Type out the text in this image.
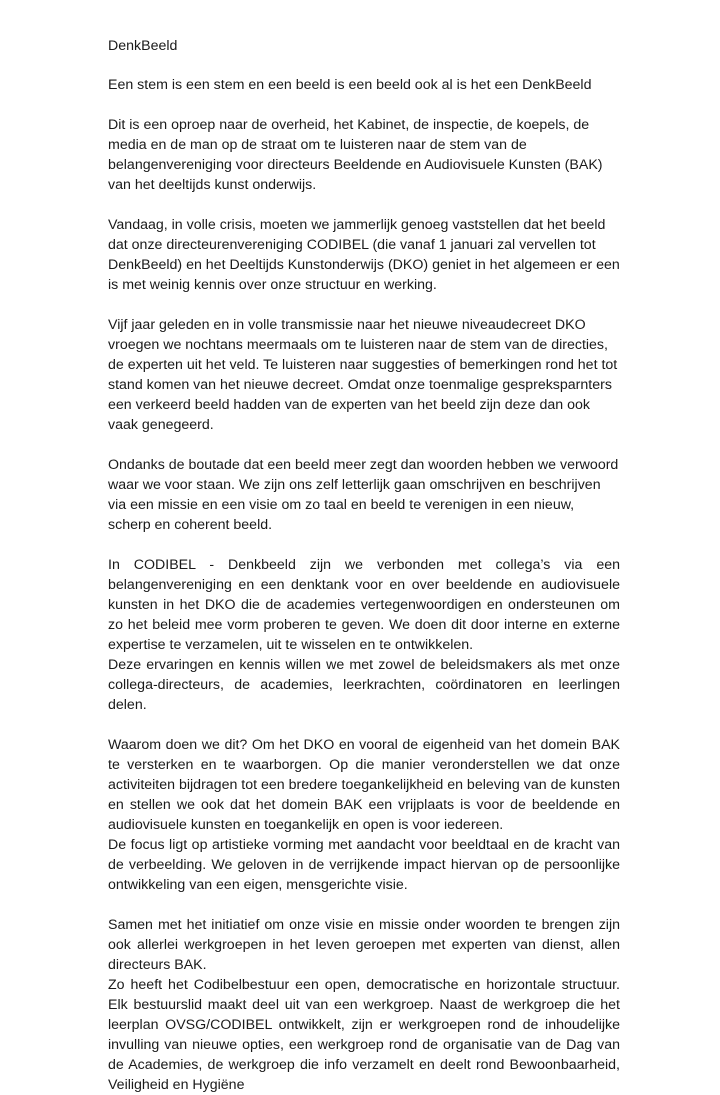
DenkBeeld
Een stem is een stem en een beeld is een beeld ook al is het een DenkBeeld

Dit is een oproep naar de overheid, het Kabinet, de inspectie, de koepels, de media en de man op de straat om te luisteren naar de stem van de belangenvereniging voor directeurs Beeldende en Audiovisuele Kunsten (BAK) van het deeltijds kunst onderwijs.

Vandaag, in volle crisis, moeten we jammerlijk genoeg vaststellen dat het beeld dat onze directeurenvereniging CODIBEL (die vanaf 1 januari zal vervellen tot DenkBeeld) en het Deeltijds Kunstonderwijs (DKO) geniet in het algemeen er een is met weinig kennis over onze structuur en werking.

Vijf jaar geleden en in volle transmissie naar het nieuwe niveaudecreet DKO vroegen we nochtans meermaals om te luisteren naar de stem van de directies, de experten uit het veld. Te luisteren naar suggesties of bemerkingen rond het tot stand komen van het nieuwe decreet. Omdat onze toenmalige gespreksparnters een verkeerd beeld hadden van de experten van het beeld zijn deze dan ook vaak genegeerd.

Ondanks de boutade dat een beeld meer zegt dan woorden hebben we verwoord waar we voor staan. We zijn ons zelf letterlijk gaan omschrijven en beschrijven via een missie en een visie om zo taal en beeld te verenigen in een nieuw, scherp en coherent beeld.

In CODIBEL - Denkbeeld zijn we verbonden met collega’s via een belangenvereniging en een denktank voor en over beeldende en audiovisuele kunsten in het DKO die de academies vertegenwoordigen en ondersteunen om zo het beleid mee vorm proberen te geven. We doen dit door interne en externe expertise te verzamelen, uit te wisselen en te ontwikkelen.

Deze ervaringen en kennis willen we met zowel de beleidsmakers als met onze collega-directeurs, de academies, leerkrachten, coördinatoren en leerlingen delen.

Waarom doen we dit? Om het DKO en vooral de eigenheid van het domein BAK te versterken en te waarborgen. Op die manier veronderstellen we dat onze activiteiten bijdragen tot een bredere toegankelijkheid en beleving van de kunsten en stellen we ook dat het domein BAK een vrijplaats is voor de beeldende en audiovisuele kunsten en toegankelijk en open is voor iedereen.

De focus ligt op artistieke vorming met aandacht voor beeldtaal en de kracht van de verbeelding. We geloven in de verrijkende impact hiervan op de persoonlijke ontwikkeling van een eigen, mensgerichte visie.

Samen met het initiatief om onze visie en missie onder woorden te brengen zijn ook allerlei werkgroepen in het leven geroepen met experten van dienst, allen directeurs BAK.

Zo heeft het Codibelbestuur een open, democratische en horizontale structuur. Elk bestuurslid maakt deel uit van een werkgroep. Naast de werkgroep die het leerplan OVSG/CODIBEL ontwikkelt, zijn er werkgroepen rond de inhoudelijke invulling van nieuwe opties, een werkgroep rond de organisatie van de Dag van de Academies, de werkgroep die info verzamelt en deelt rond Bewoonbaarheid, Veiligheid en Hygiëne
